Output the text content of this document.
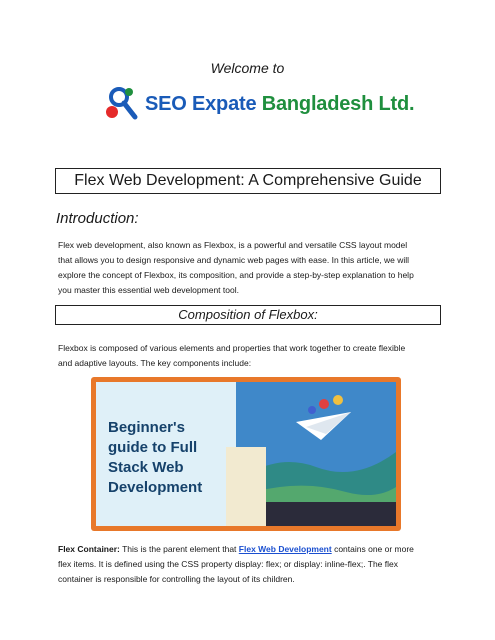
Welcome to
SEO Expate Bangladesh Ltd.
Flex Web Development: A Comprehensive Guide
Introduction:
Flex web development, also known as Flexbox, is a powerful and versatile CSS layout model
that allows you to design responsive and dynamic web pages with ease. In this article, we will
explore the concept of Flexbox, its composition, and provide a step-by-step explanation to help
you master this essential web development tool.
Composition of Flexbox:
Flexbox is composed of various elements and properties that work together to create flexible
and adaptive layouts. The key components include:
Beginner's
guide to Full
Stack Web
Development
Flex Container: This is the parent element that Flex Web Development contains one or more
flex items. It is defined using the CSS property display: flex; or display: inline-flex;. The flex
container is responsible for controlling the layout of its children.
